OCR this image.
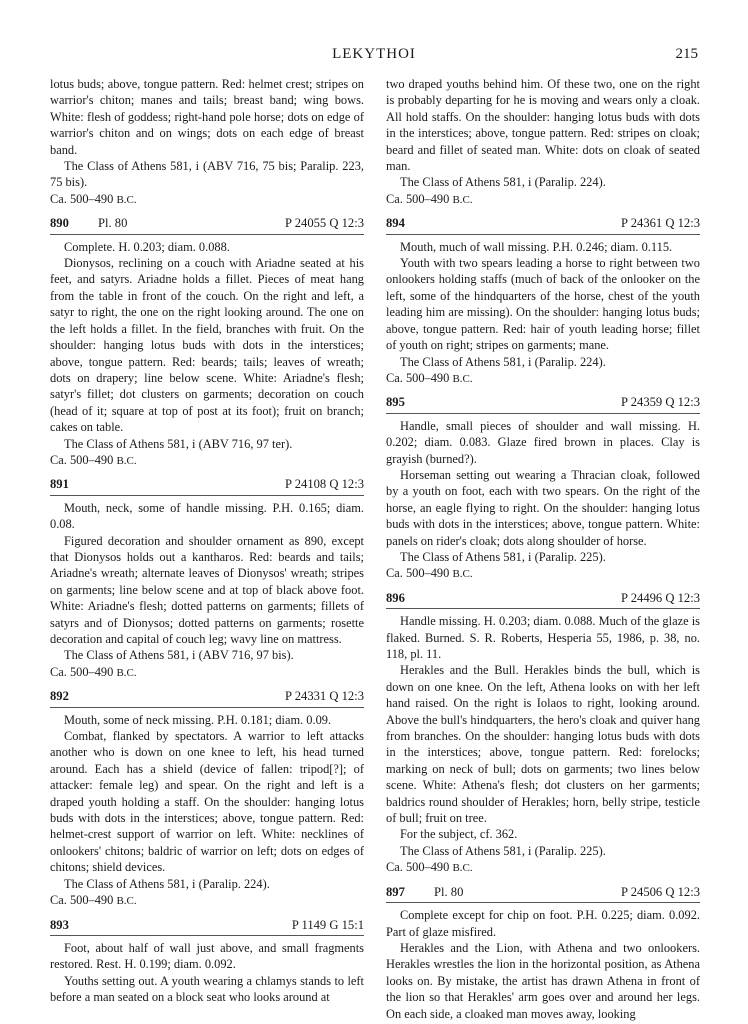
LEKYTHOI	215

lotus buds; above, tongue pattern. Red: helmet crest; stripes on warrior's chiton; manes and tails; breast band; wing bows. White: flesh of goddess; right-hand pole horse; dots on edge of warrior's chiton and on wings; dots on each edge of breast band.

The Class of Athens 581, i (ABV 716, 75 bis; Paralip. 223, 75 bis).

Ca. 500–490 B.C.

890	Pl. 80	P 24055 Q 12:3

Complete. H. 0.203; diam. 0.088.

Dionysos, reclining on a couch with Ariadne seated at his feet, and satyrs. Ariadne holds a fillet. Pieces of meat hang from the table in front of the couch. On the right and left, a satyr to right, the one on the right looking around. The one on the left holds a fillet. In the field, branches with fruit. On the shoulder: hanging lotus buds with dots in the interstices; above, tongue pattern. Red: beards; tails; leaves of wreath; dots on drapery; line below scene. White: Ariadne's flesh; satyr's fillet; dot clusters on garments; decoration on couch (head of it; square at top of post at its foot); fruit on branch; cakes on table.

The Class of Athens 581, i (ABV 716, 97 ter).

Ca. 500–490 B.C.

891	P 24108 Q 12:3

Mouth, neck, some of handle missing. P.H. 0.165; diam. 0.08.

Figured decoration and shoulder ornament as 890, except that Dionysos holds out a kantharos. Red: beards and tails; Ariadne's wreath; alternate leaves of Dionysos' wreath; stripes on garments; line below scene and at top of black above foot. White: Ariadne's flesh; dotted patterns on garments; fillets of satyrs and of Dionysos; dotted patterns on garments; rosette decoration and capital of couch leg; wavy line on mattress.

The Class of Athens 581, i (ABV 716, 97 bis).

Ca. 500–490 B.C.

892	P 24331 Q 12:3

Mouth, some of neck missing. P.H. 0.181; diam. 0.09.

Combat, flanked by spectators. A warrior to left attacks another who is down on one knee to left, his head turned around. Each has a shield (device of fallen: tripod[?]; of attacker: female leg) and spear. On the right and left is a draped youth holding a staff. On the shoulder: hanging lotus buds with dots in the interstices; above, tongue pattern. Red: helmet-crest support of warrior on left. White: necklines of onlookers' chitons; baldric of warrior on left; dots on edges of chitons; shield devices.

The Class of Athens 581, i (Paralip. 224).

Ca. 500–490 B.C.

893	P 1149 G 15:1

Foot, about half of wall just above, and small fragments restored. Rest. H. 0.199; diam. 0.092.

Youths setting out. A youth wearing a chlamys stands to left before a man seated on a block seat who looks around at

two draped youths behind him. Of these two, one on the right is probably departing for he is moving and wears only a cloak. All hold staffs. On the shoulder: hanging lotus buds with dots in the interstices; above, tongue pattern. Red: stripes on cloak; beard and fillet of seated man. White: dots on cloak of seated man.

The Class of Athens 581, i (Paralip. 224).

Ca. 500–490 B.C.

894	P 24361 Q 12:3

Mouth, much of wall missing. P.H. 0.246; diam. 0.115.

Youth with two spears leading a horse to right between two onlookers holding staffs (much of back of the onlooker on the left, some of the hindquarters of the horse, chest of the youth leading him are missing). On the shoulder: hanging lotus buds; above, tongue pattern. Red: hair of youth leading horse; fillet of youth on right; stripes on garments; mane.

The Class of Athens 581, i (Paralip. 224).

Ca. 500–490 B.C.

895	P 24359 Q 12:3

Handle, small pieces of shoulder and wall missing. H. 0.202; diam. 0.083. Glaze fired brown in places. Clay is grayish (burned?).

Horseman setting out wearing a Thracian cloak, followed by a youth on foot, each with two spears. On the right of the horse, an eagle flying to right. On the shoulder: hanging lotus buds with dots in the interstices; above, tongue pattern. White: panels on rider's cloak; dots along shoulder of horse.

The Class of Athens 581, i (Paralip. 225).

Ca. 500–490 B.C.

896	P 24496 Q 12:3

Handle missing. H. 0.203; diam. 0.088. Much of the glaze is flaked. Burned. S. R. Roberts, Hesperia 55, 1986, p. 38, no. 118, pl. 11.

Herakles and the Bull. Herakles binds the bull, which is down on one knee. On the left, Athena looks on with her left hand raised. On the right is Iolaos to right, looking around. Above the bull's hindquarters, the hero's cloak and quiver hang from branches. On the shoulder: hanging lotus buds with dots in the interstices; above, tongue pattern. Red: forelocks; marking on neck of bull; dots on garments; two lines below scene. White: Athena's flesh; dot clusters on her garments; baldrics round shoulder of Herakles; horn, belly stripe, testicle of bull; fruit on tree.

For the subject, cf. 362.

The Class of Athens 581, i (Paralip. 225).

Ca. 500–490 B.C.

897	Pl. 80	P 24506 Q 12:3

Complete except for chip on foot. P.H. 0.225; diam. 0.092. Part of glaze misfired.

Herakles and the Lion, with Athena and two onlookers. Herakles wrestles the lion in the horizontal position, as Athena looks on. By mistake, the artist has drawn Athena in front of the lion so that Herakles' arm goes over and around her legs. On each side, a cloaked man moves away, looking
